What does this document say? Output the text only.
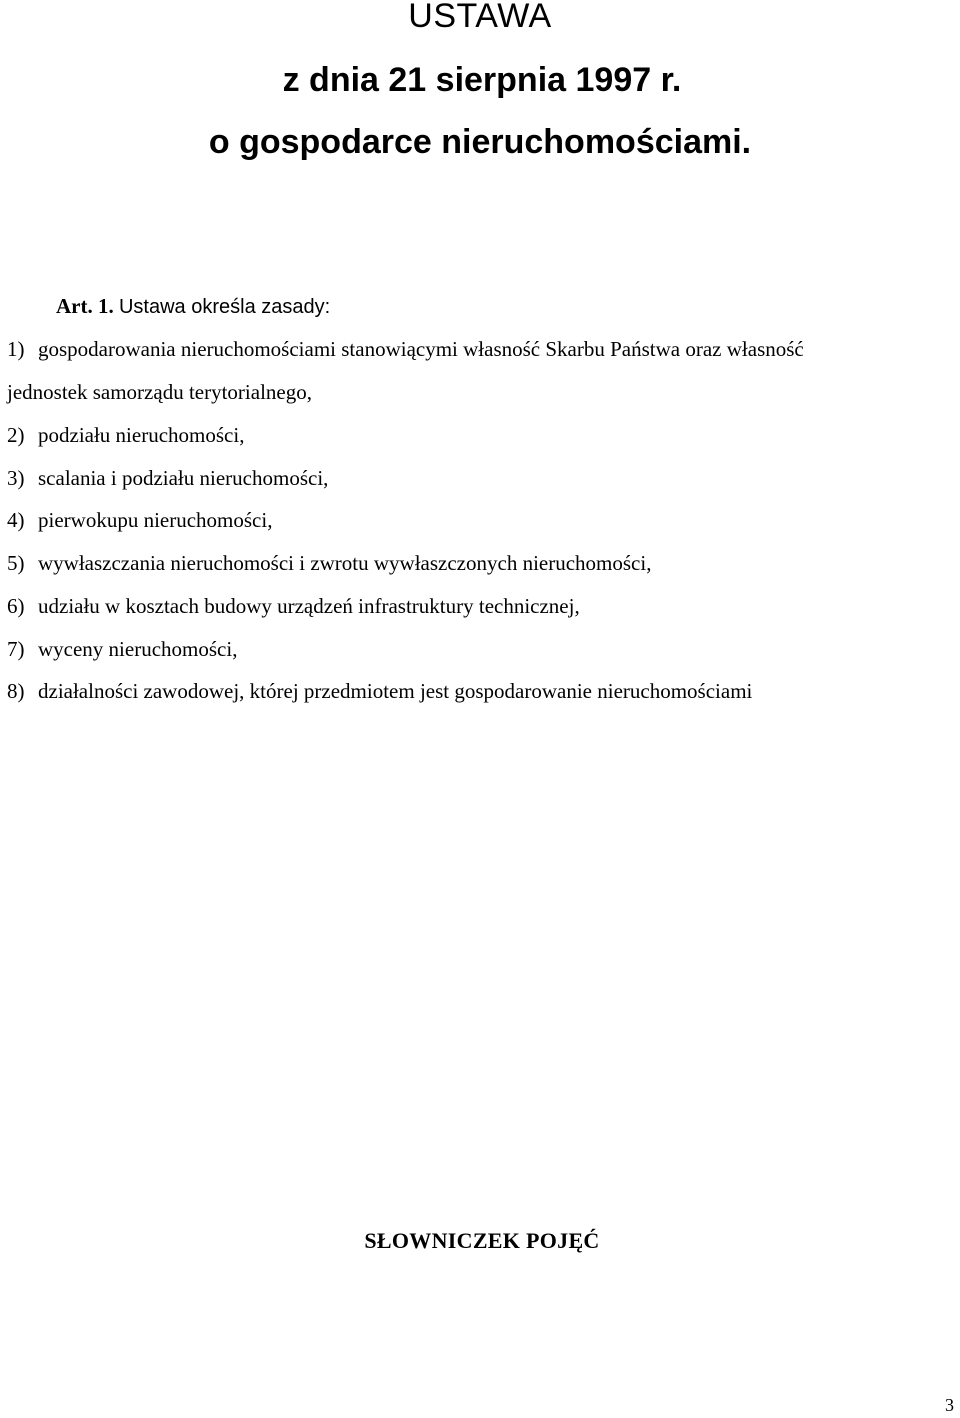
USTAWA
z dnia 21 sierpnia 1997 r.
o gospodarce nieruchomościami.
Art. 1. Ustawa określa zasady:
1) gospodarowania nieruchomościami stanowiącymi własność Skarbu Państwa oraz własność
jednostek samorządu terytorialnego,
2) podziału nieruchomości,
3) scalania i podziału nieruchomości,
4) pierwokupu nieruchomości,
5) wywłaszczania nieruchomości i zwrotu wywłaszczonych nieruchomości,
6) udziału w kosztach budowy urządzeń infrastruktury technicznej,
7) wyceny nieruchomości,
8) działalności zawodowej, której przedmiotem jest gospodarowanie nieruchomościami
SŁOWNICZEK POJĘĆ
3
